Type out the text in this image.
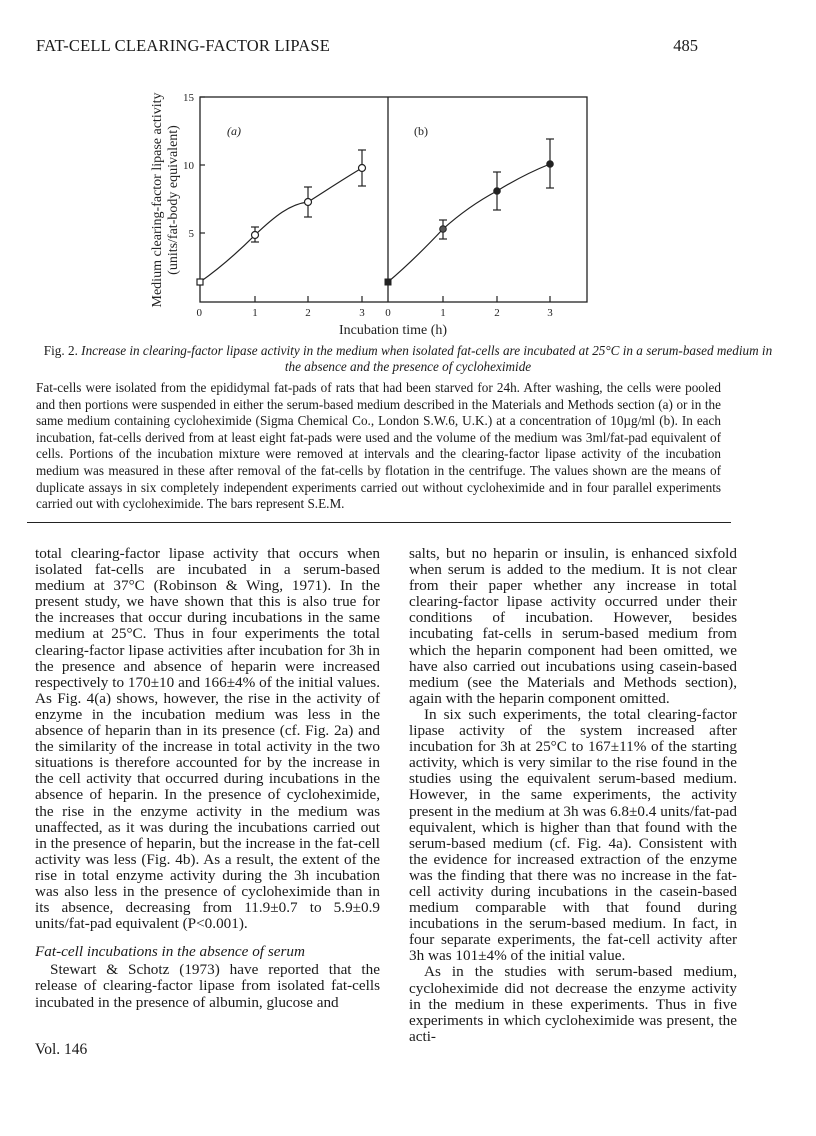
FAT-CELL CLEARING-FACTOR LIPASE	485
15
10
5
0	1	2	3 0	1	2	3
Incubation time (h)
Medium clearing-factor lipase activity (units/fat-body equivalent)	(a)	(b)
Fig. 2. Increase in clearing-factor lipase activity in the medium when isolated fat-cells are incubated at 25°C in a serum-based medium in the absence and the presence of cycloheximide

Fat-cells were isolated from the epididymal fat-pads of rats that had been starved for 24h. After washing, the cells were pooled and then portions were suspended in either the serum-based medium described in the Materials and Methods section (a) or in the same medium containing cycloheximide (Sigma Chemical Co., London S.W.6, U.K.) at a concentration of 10µg/ml (b). In each incubation, fat-cells derived from at least eight fat-pads were used and the volume of the medium was 3ml/fat-pad equivalent of cells. Portions of the incubation mixture were removed at intervals and the clearing-factor lipase activity of the incubation medium was measured in these after removal of the fat-cells by flotation in the centrifuge. The values shown are the means of duplicate assays in six completely independent experiments carried out without cycloheximide and in four parallel experiments carried out with cycloheximide. The bars represent S.E.M.

total clearing-factor lipase activity that occurs when isolated fat-cells are incubated in a serum-based medium at 37°C (Robinson & Wing, 1971). In the present study, we have shown that this is also true for the increases that occur during incubations in the same medium at 25°C. Thus in four experiments the total clearing-factor lipase activities after incubation for 3h in the presence and absence of heparin were increased respectively to 170±10 and 166±4% of the initial values. As Fig. 4(a) shows, however, the rise in the activity of enzyme in the incubation medium was less in the absence of heparin than in its presence (cf. Fig. 2a) and the similarity of the increase in total activity in the two situations is therefore accounted for by the increase in the cell activity that occurred during incubations in the absence of heparin. In the presence of cycloheximide, the rise in the enzyme activity in the medium was unaffected, as it was during the incubations carried out in the presence of heparin, but the increase in the fat-cell activity was less (Fig. 4b). As a result, the extent of the rise in total enzyme activity during the 3h incubation was also less in the presence of cycloheximide than in its absence, decreasing from 11.9±0.7 to 5.9±0.9 units/fat-pad equivalent (P<0.001).

Fat-cell incubations in the absence of serum

Stewart & Schotz (1973) have reported that the release of clearing-factor lipase from isolated fat-cells incubated in the presence of albumin, glucose and

salts, but no heparin or insulin, is enhanced sixfold when serum is added to the medium. It is not clear from their paper whether any increase in total clearing-factor lipase activity occurred under their conditions of incubation. However, besides incubating fat-cells in serum-based medium from which the heparin component had been omitted, we have also carried out incubations using casein-based medium (see the Materials and Methods section), again with the heparin component omitted.

In six such experiments, the total clearing-factor lipase activity of the system increased after incubation for 3h at 25°C to 167±11% of the starting activity, which is very similar to the rise found in the studies using the equivalent serum-based medium. However, in the same experiments, the activity present in the medium at 3h was 6.8±0.4 units/fat-pad equivalent, which is higher than that found with the serum-based medium (cf. Fig. 4a). Consistent with the evidence for increased extraction of the enzyme was the finding that there was no increase in the fat-cell activity during incubations in the casein-based medium comparable with that found during incubations in the serum-based medium. In fact, in four separate experiments, the fat-cell activity after 3h was 101±4% of the initial value.

As in the studies with serum-based medium, cycloheximide did not decrease the enzyme activity in the medium in these experiments. Thus in five experiments in which cycloheximide was present, the acti-

Vol. 146
